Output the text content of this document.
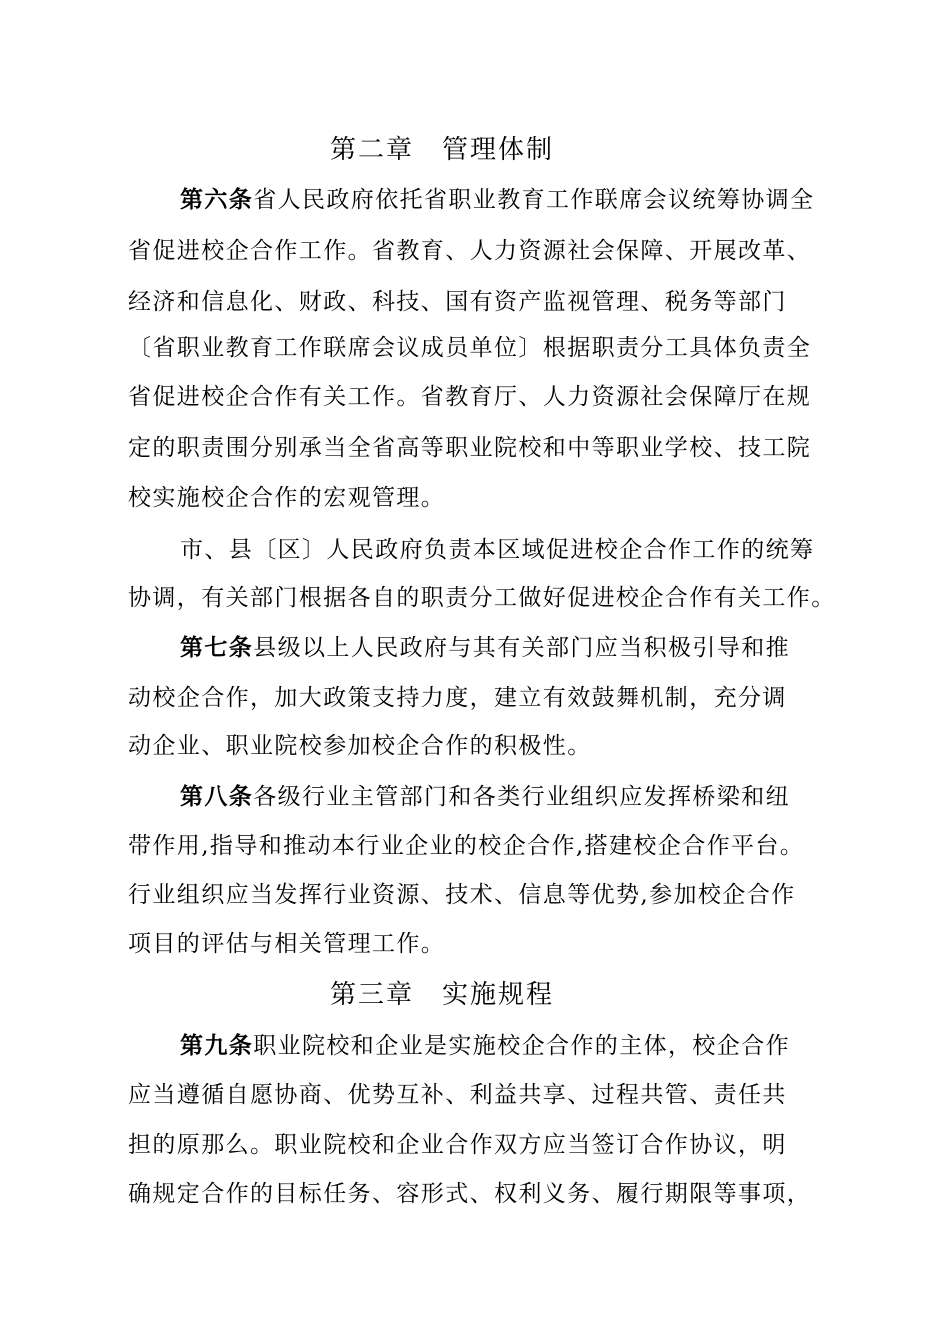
第二章 管理体制
第六条省人民政府依托省职业教育工作联席会议统筹协调全
省促进校企合作工作。省教育、人力资源社会保障、开展改革、
经济和信息化、财政、科技、国有资产监视管理、税务等部门
〔省职业教育工作联席会议成员单位〕根据职责分工具体负责全
省促进校企合作有关工作。省教育厅、人力资源社会保障厅在规
定的职责围分别承当全省高等职业院校和中等职业学校、技工院
校实施校企合作的宏观管理。
市、县〔区〕人民政府负责本区域促进校企合作工作的统筹
协调，有关部门根据各自的职责分工做好促进校企合作有关工作。
第七条县级以上人民政府与其有关部门应当积极引导和推
动校企合作，加大政策支持力度，建立有效鼓舞机制，充分调
动企业、职业院校参加校企合作的积极性。
第八条各级行业主管部门和各类行业组织应发挥桥梁和纽
带作用,指导和推动本行业企业的校企合作,搭建校企合作平台。
行业组织应当发挥行业资源、技术、信息等优势,参加校企合作
项目的评估与相关管理工作。
第三章 实施规程
第九条职业院校和企业是实施校企合作的主体，校企合作
应当遵循自愿协商、优势互补、利益共享、过程共管、责任共
担的原那么。职业院校和企业合作双方应当签订合作协议，明
确规定合作的目标任务、容形式、权利义务、履行期限等事项，
